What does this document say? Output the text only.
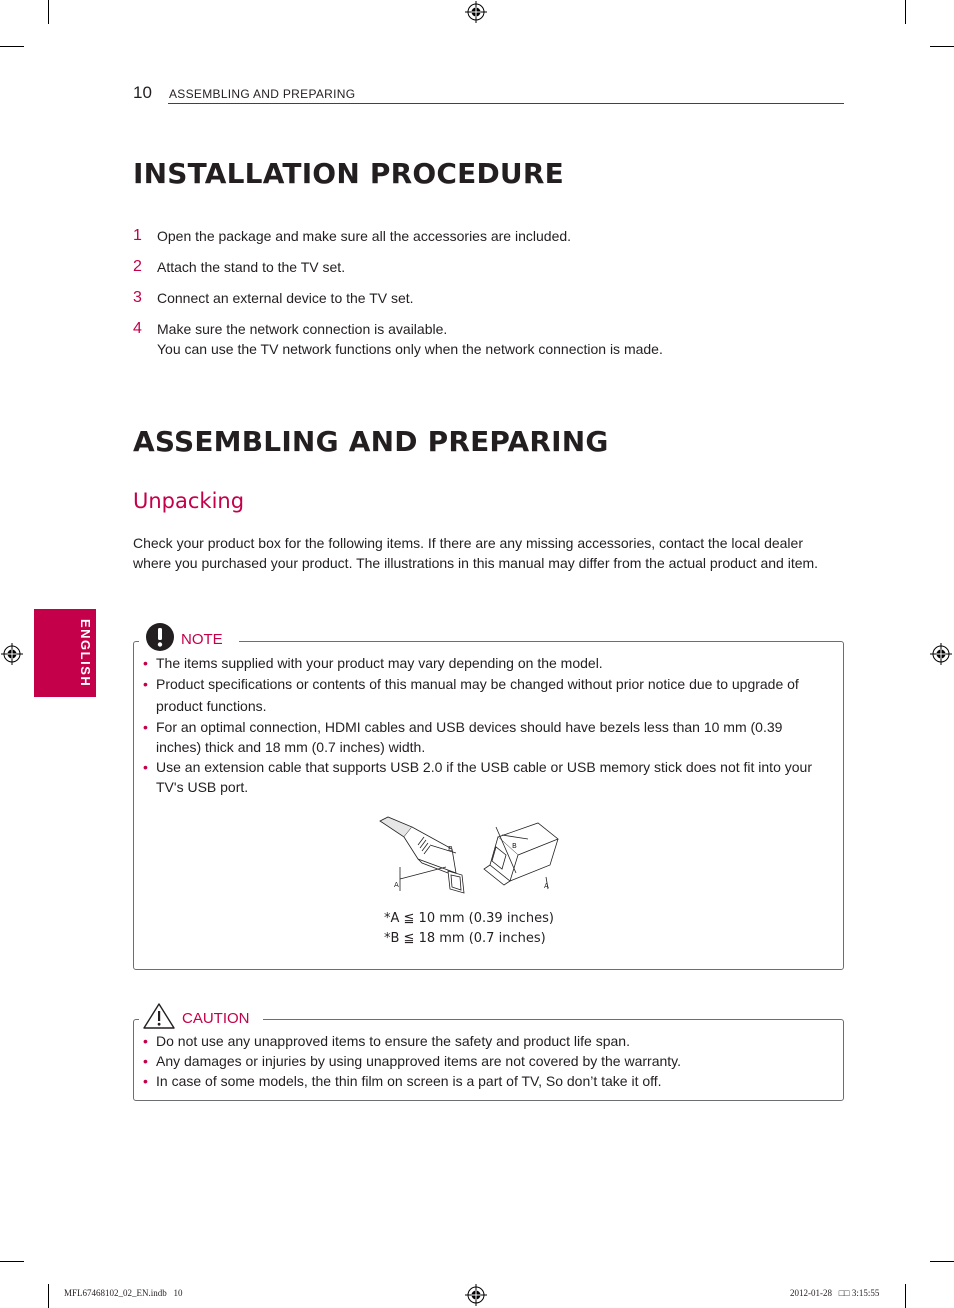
10 ASSEMBLING AND PREPARING
INSTALLATION PROCEDURE
1 Open the package and make sure all the accessories are included.
2 Attach the stand to the TV set.
3 Connect an external device to the TV set.
4 Make sure the network connection is available.
You can use the TV network functions only when the network connection is made.
ASSEMBLING AND PREPARING
Unpacking
Check your product box for the following items. If there are any missing accessories, contact the local dealer where you purchased your product. The illustrations in this manual may differ from the actual product and item.
ENGLISH	NOTE
• The items supplied with your product may vary depending on the model.
• Product specifications or contents of this manual may be changed without prior notice due to upgrade of product functions.
• For an optimal connection, HDMI cables and USB devices should have bezels less than 10 mm (0.39 inches) thick and 18 mm (0.7 inches) width.
• Use an extension cable that supports USB 2.0 if the USB cable or USB memory stick does not fit into your TV's USB port.
B
A
B
A
*A ≦ 10 mm (0.39 inches)
*B ≦ 18 mm (0.7 inches)
CAUTION
• Do not use any unapproved items to ensure the safety and product life span.
• Any damages or injuries by using unapproved items are not covered by the warranty.
• In case of some models, the thin film on screen is a part of TV, So don’t take it off.
MFL67468102_02_EN.indb   10	2012-01-28   □□ 3:15:55
